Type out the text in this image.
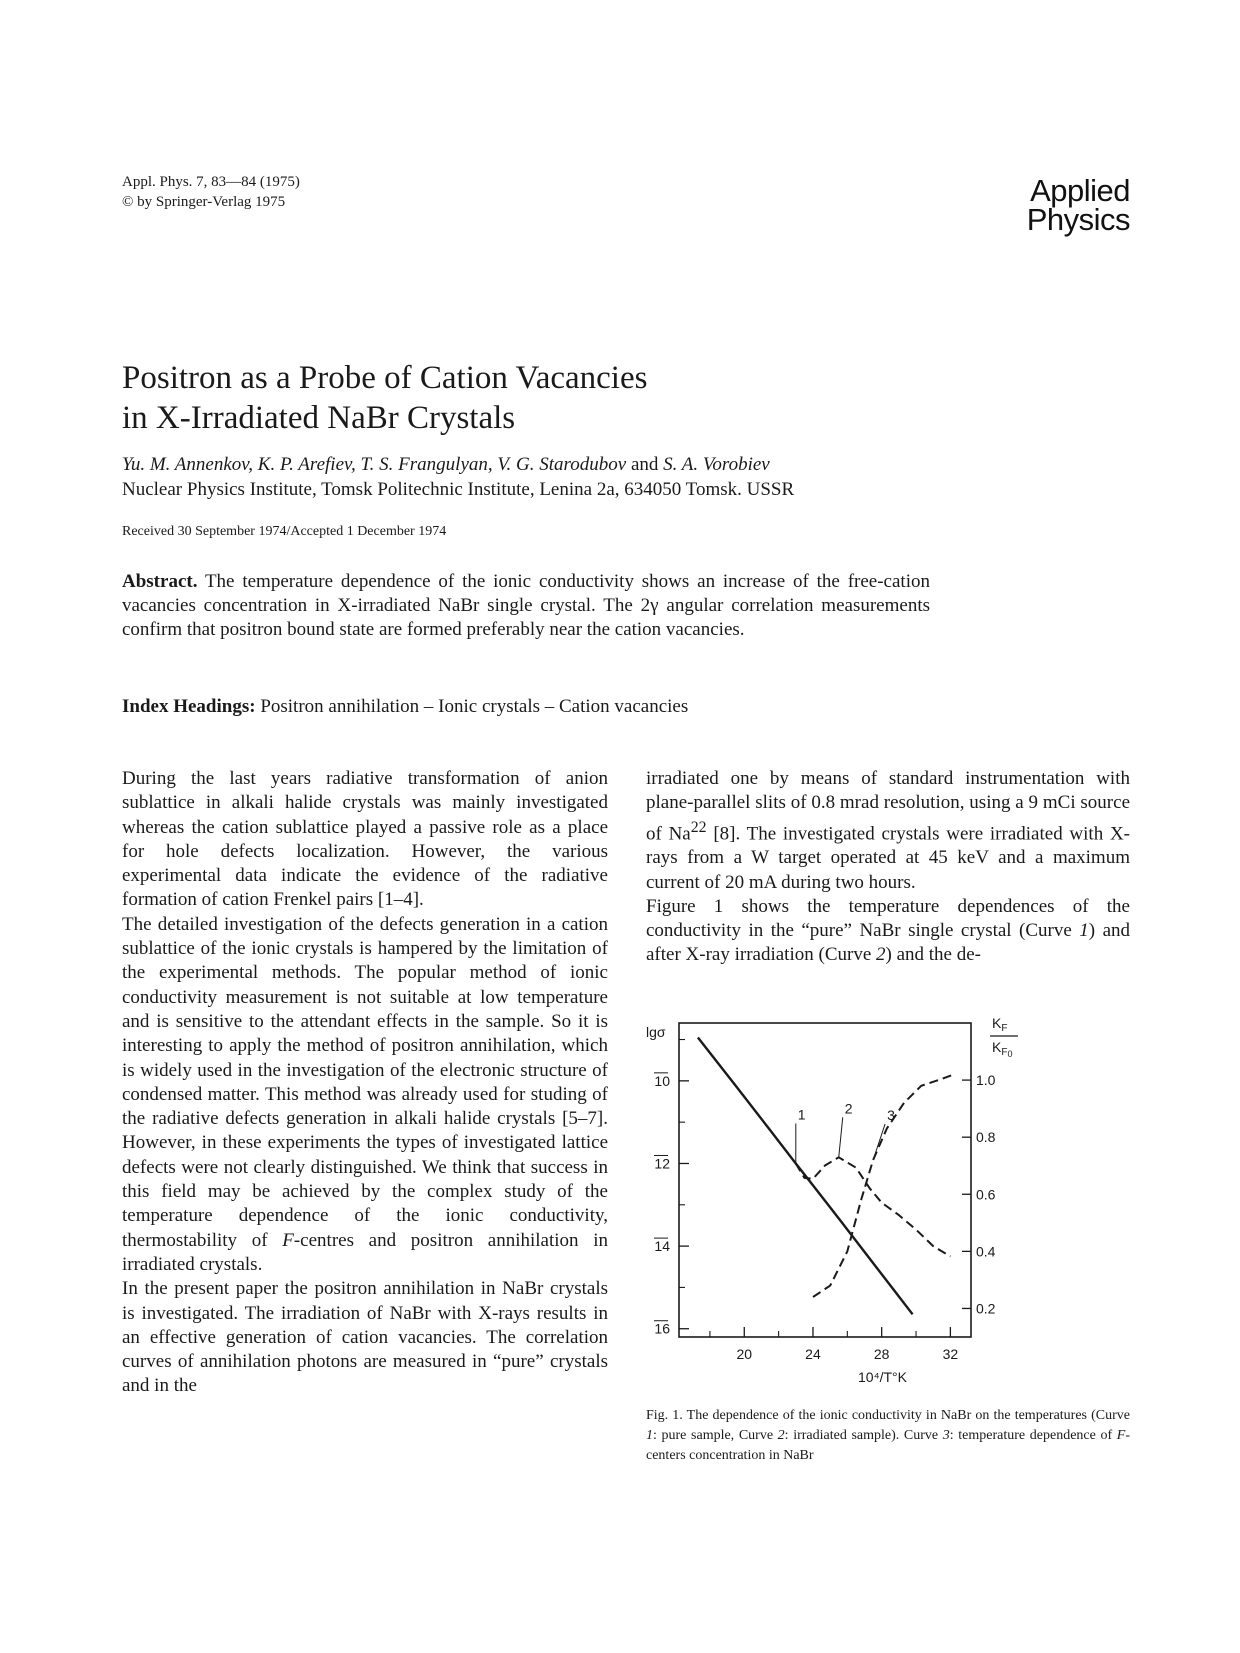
Appl. Phys. 7, 83—84 (1975)
© by Springer-Verlag 1975	Applied
Physics
Positron as a Probe of Cation Vacancies
in X-Irradiated NaBr Crystals
Yu. M. Annenkov, K. P. Arefiev, T. S. Frangulyan, V. G. Starodubov and S. A. Vorobiev
Nuclear Physics Institute, Tomsk Politechnic Institute, Lenina 2a, 634050 Tomsk. USSR
Received 30 September 1974/Accepted 1 December 1974
Abstract. The temperature dependence of the ionic conductivity shows an increase of the free-cation vacancies concentration in X-irradiated NaBr single crystal. The 2γ angular correlation measurements confirm that positron bound state are formed preferably near the cation vacancies.
Index Headings: Positron annihilation – Ionic crystals – Cation vacancies

During the last years radiative transformation of anion sublattice in alkali halide crystals was mainly investigated whereas the cation sublattice played a passive role as a place for hole defects localization. However, the various experimental data indicate the evidence of the radiative formation of cation Frenkel pairs [1–4].

The detailed investigation of the defects generation in a cation sublattice of the ionic crystals is hampered by the limitation of the experimental methods. The popular method of ionic conductivity measurement is not suitable at low temperature and is sensitive to the attendant effects in the sample. So it is interesting to apply the method of positron annihilation, which is widely used in the investigation of the electronic structure of condensed matter. This method was already used for studing of the radiative defects generation in alkali halide crystals [5–7]. However, in these experiments the types of investigated lattice defects were not clearly distinguished. We think that success in this field may be achieved by the complex study of the temperature dependence of the ionic conductivity, thermostability of F-centres and positron annihilation in irradiated crystals.

In the present paper the positron annihilation in NaBr crystals is investigated. The irradiation of NaBr with X-rays results in an effective generation of cation vacancies. The correlation curves of annihilation photons are measured in “pure” crystals and in the

irradiated one by means of standard instrumentation with plane-parallel slits of 0.8 mrad resolution, using a 9 mCi source of Na$^{22}$ [8]. The investigated crystals were irradiated with X-rays from a W target operated at 45 keV and a maximum current of 20 mA during two hours.

Figure 1 shows the temperature dependences of the conductivity in the “pure” NaBr single crystal (Curve 1) and after X-ray irradiation (Curve 2) and the de-

lgσ
$K_F$
$K_F0$
20	24	28	32
10
12
14
16
1.0
0.8
0.6
0.4
0.2
1	2 3
10⁴/T°K
Fig. 1. The dependence of the ionic conductivity in NaBr on the temperatures (Curve 1: pure sample, Curve 2: irradiated sample). Curve 3: temperature dependence of F-centers concentration in NaBr
